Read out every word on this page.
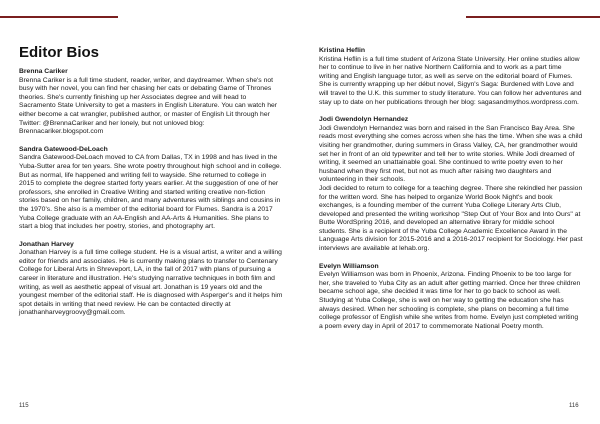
Editor Bios

Brenna Cariker

Brenna Cariker is a full time student, reader, writer, and daydreamer. When she's not busy with her novel, you can find her chasing her cats or debating Game of Thrones theories. She's currently finishing up her Associates degree and will head to Sacramento State University to get a masters in English Literature. You can watch her either become a cat wrangler, published author, or master of English Lit through her Twitter: @BrennaCariker and her lonely, but not unloved blog: Brennacariker.blogspot.com

Sandra Gatewood-DeLoach

Sandra Gatewood-DeLoach moved to CA from Dallas, TX in 1998 and has lived in the Yuba-Sutter area for ten years. She wrote poetry throughout high school and in college. But as normal, life happened and writing fell to wayside. She returned to college in 2015 to complete the degree started forty years earlier. At the suggestion of one of her professors, she enrolled in Creative Writing and started writing creative non-fiction stories based on her family, children, and many adventures with siblings and cousins in the 1970's. She also is a member of the editorial board for Flumes. Sandra is a 2017 Yuba College graduate with an AA-English and AA-Arts & Humanities. She plans to start a blog that includes her poetry, stories, and photography art.

Jonathan Harvey

Jonathan Harvey is a full time college student. He is a visual artist, a writer and a willing editor for friends and associates. He is currently making plans to transfer to Centenary College for Liberal Arts in Shreveport, LA, in the fall of 2017 with plans of pursuing a career in literature and illustration. He's studying narrative techniques in both film and writing, as well as aesthetic appeal of visual art. Jonathan is 19 years old and the youngest member of the editorial staff. He is diagnosed with Asperger's and it helps him spot details in writing that need review. He can be contacted directly at jonathanharveygroovy@gmail.com.

115

Kristina Heflin

Kristina Heflin is a full time student of Arizona State University. Her online studies allow her to continue to live in her native Northern California and to work as a part time writing and English language tutor, as well as serve on the editorial board of Flumes. She is currently wrapping up her début novel, Sigyn's Saga: Burdened with Love and will travel to the U.K. this summer to study literature. You can follow her adventures and stay up to date on her publications through her blog: sagasandmythos.wordpress.com.

Jodi Gwendolyn Hernandez

Jodi Gwendolyn Hernandez was born and raised in the San Francisco Bay Area. She reads most everything she comes across when she has the time. When she was a child visiting her grandmother, during summers in Grass Valley, CA, her grandmother would set her in front of an old typewriter and tell her to write stories. While Jodi dreamed of writing, it seemed an unattainable goal. She continued to write poetry even to her husband when they first met, but not as much after raising two daughters and volunteering in their schools.
Jodi decided to return to college for a teaching degree. There she rekindled her passion for the written word. She has helped to organize World Book Night's and book exchanges, is a founding member of the current Yuba College Literary Arts Club, developed and presented the writing workshop "Step Out of Your Box and Into Ours" at Butte WordSpring 2016, and developed an alternative library for middle school students. She is a recipient of the Yuba College Academic Excellence Award in the Language Arts division for 2015-2016 and a 2016-2017 recipient for Sociology. Her past interviews are available at lehab.org.

Evelyn Williamson

Evelyn Williamson was born in Phoenix, Arizona. Finding Phoenix to be too large for her, she traveled to Yuba City as an adult after getting married. Once her three children became school age, she decided it was time for her to go back to school as well. Studying at Yuba College, she is well on her way to getting the education she has always desired. When her schooling is complete, she plans on becoming a full time college professor of English while she writes from home. Evelyn just completed writing a poem every day in April of 2017 to commemorate National Poetry month.

116
